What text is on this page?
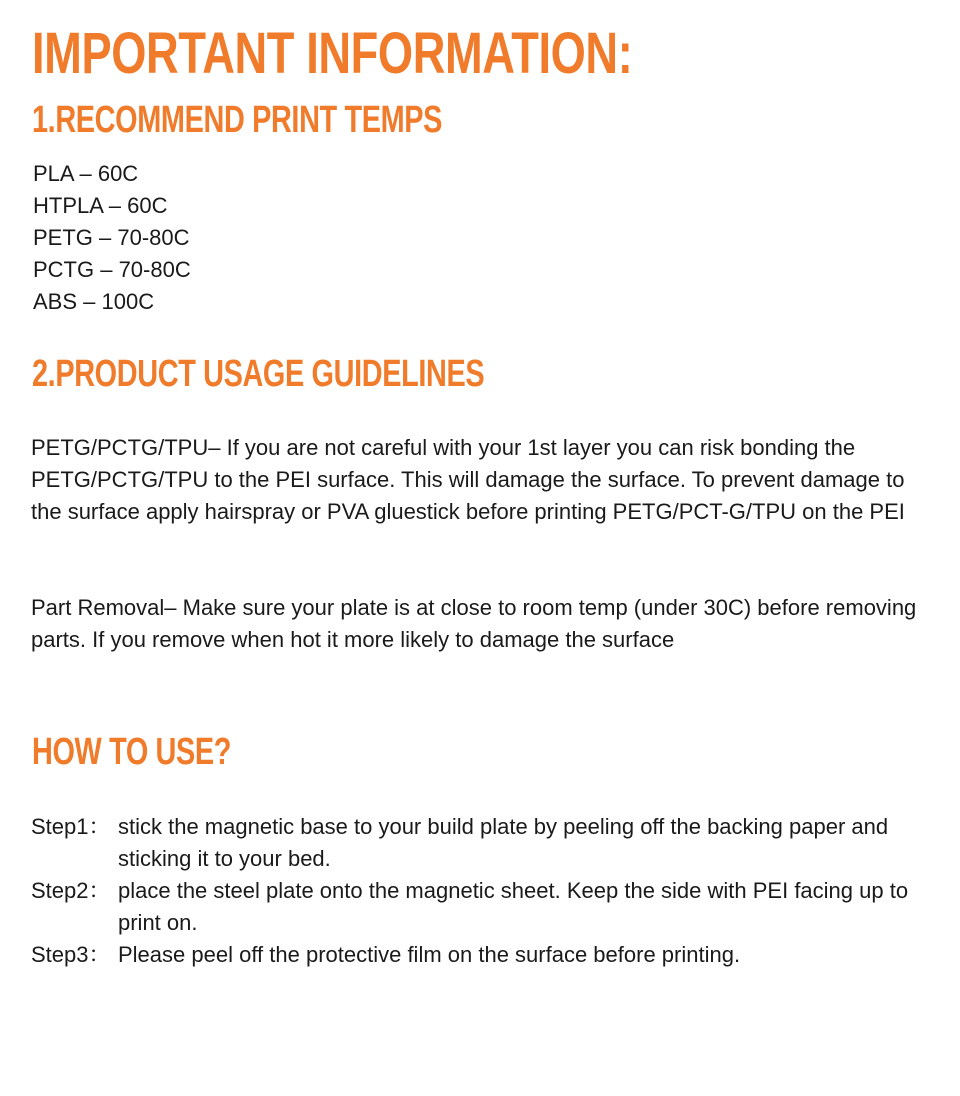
IMPORTANT INFORMATION:
1.RECOMMEND PRINT TEMPS
PLA – 60C
HTPLA – 60C
PETG – 70-80C
PCTG – 70-80C
ABS – 100C
2.PRODUCT USAGE GUIDELINES

PETG/PCTG/TPU– If you are not careful with your 1st layer you can risk bonding the PETG/PCTG/TPU to the PEI surface. This will damage the surface. To prevent damage to the surface apply hairspray or PVA gluestick before printing PETG/PCT-G/TPU on the PEI

Part Removal– Make sure your plate is at close to room temp (under 30C) before removing parts. If you remove when hot it more likely to damage the surface

HOW TO USE?
Step1： stick the magnetic base to your build plate by peeling off the backing paper and sticking it to your bed.
Step2： place the steel plate onto the magnetic sheet. Keep the side with PEI facing up to print on.
Step3： Please peel off the protective film on the surface before printing.
